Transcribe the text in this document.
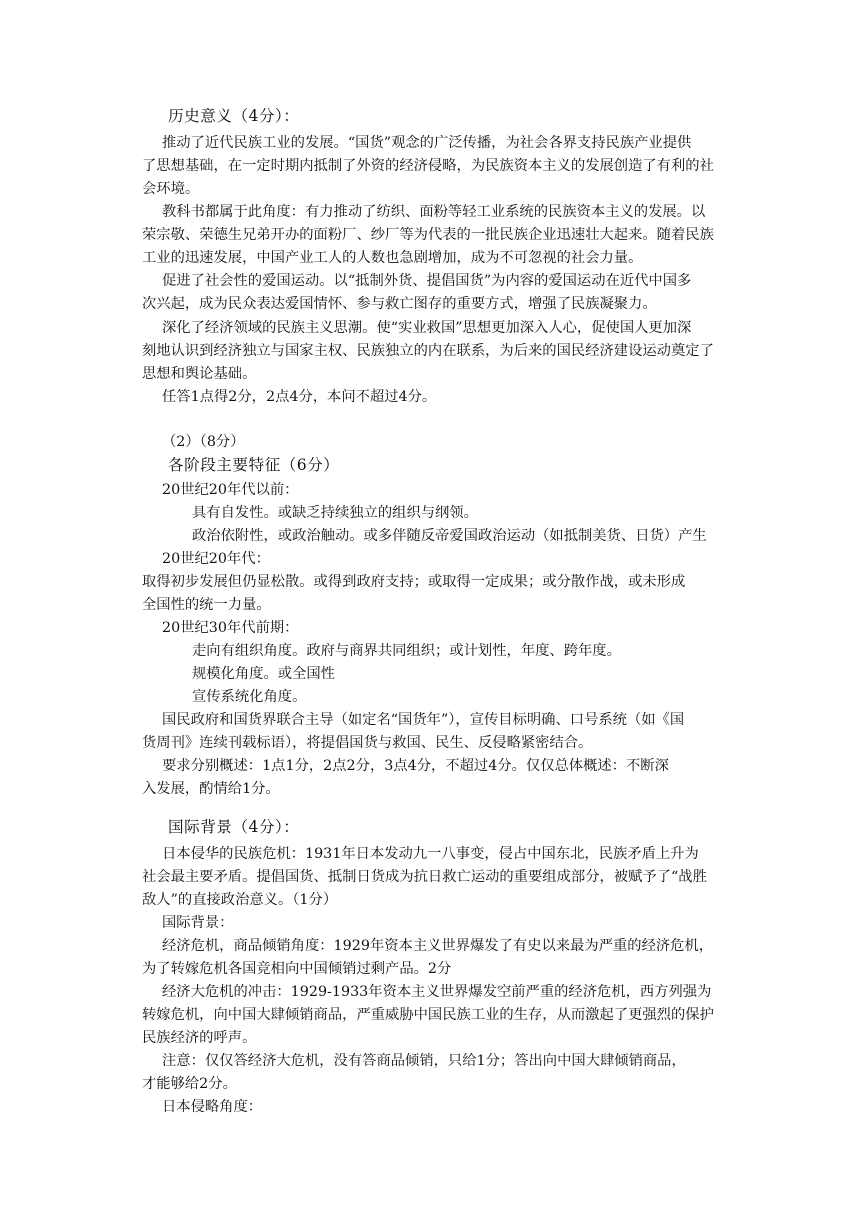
历史意义（4分）：
推动了近代民族工业的发展。“国货”观念的广泛传播，为社会各界支持民族产业提供
了思想基础，在一定时期内抵制了外资的经济侵略，为民族资本主义的发展创造了有利的社
会环境。
教科书都属于此角度：有力推动了纺织、面粉等轻工业系统的民族资本主义的发展。以
荣宗敬、荣德生兄弟开办的面粉厂、纱厂等为代表的一批民族企业迅速壮大起来。随着民族
工业的迅速发展，中国产业工人的人数也急剧增加，成为不可忽视的社会力量。
促进了社会性的爱国运动。以“抵制外货、提倡国货”为内容的爱国运动在近代中国多
次兴起，成为民众表达爱国情怀、参与救亡图存的重要方式，增强了民族凝聚力。
深化了经济领域的民族主义思潮。使“实业救国”思想更加深入人心，促使国人更加深
刻地认识到经济独立与国家主权、民族独立的内在联系，为后来的国民经济建设运动奠定了
思想和舆论基础。
任答1点得2分，2点4分，本问不超过4分。
（2）（8分）
各阶段主要特征（6分）
20世纪20年代以前：
具有自发性。或缺乏持续独立的组织与纲领。
政治依附性，或政治触动。或多伴随反帝爱国政治运动（如抵制美货、日货）产生
20世纪20年代：
取得初步发展但仍显松散。或得到政府支持；或取得一定成果；或分散作战，或未形成
全国性的统一力量。
20世纪30年代前期：
走向有组织角度。政府与商界共同组织；或计划性，年度、跨年度。
规模化角度。或全国性
宣传系统化角度。
国民政府和国货界联合主导（如定名“国货年”），宣传目标明确、口号系统（如《国
货周刊》连续刊载标语），将提倡国货与救国、民生、反侵略紧密结合。
要求分别概述：1点1分，2点2分，3点4分，不超过4分。仅仅总体概述：不断深
入发展，酌情给1分。
国际背景（4分）：
日本侵华的民族危机：1931年日本发动九一八事变，侵占中国东北，民族矛盾上升为
社会最主要矛盾。提倡国货、抵制日货成为抗日救亡运动的重要组成部分，被赋予了“战胜
敌人”的直接政治意义。（1分）
国际背景：
经济危机，商品倾销角度：1929年资本主义世界爆发了有史以来最为严重的经济危机，
为了转嫁危机各国竞相向中国倾销过剩产品。2分
经济大危机的冲击：1929-1933年资本主义世界爆发空前严重的经济危机，西方列强为
转嫁危机，向中国大肆倾销商品，严重威胁中国民族工业的生存，从而激起了更强烈的保护
民族经济的呼声。
注意：仅仅答经济大危机，没有答商品倾销，只给1分；答出向中国大肆倾销商品，
才能够给2分。
日本侵略角度：
